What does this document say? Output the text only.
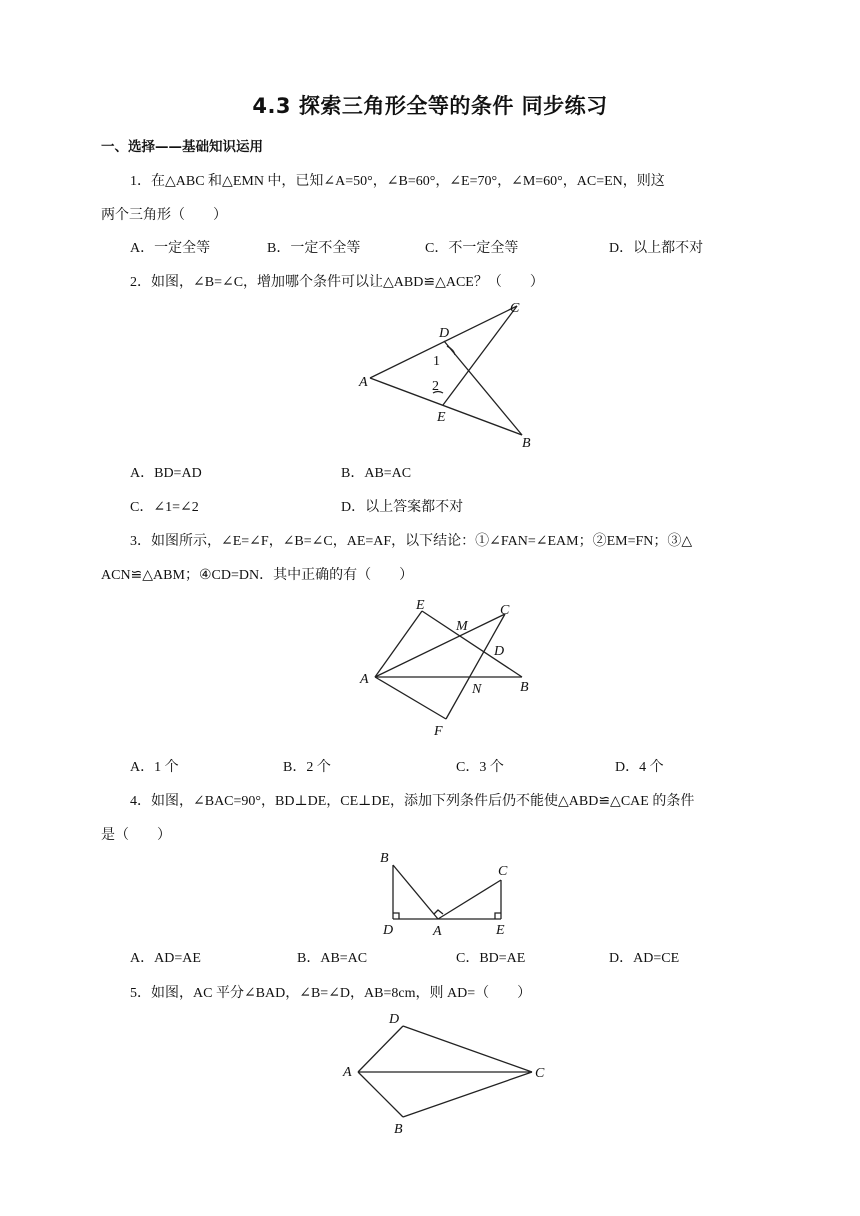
4.3 探索三角形全等的条件 同步练习
一、选择——基础知识运用
1．在△ABC 和△EMN 中，已知∠A=50°，∠B=60°，∠E=70°，∠M=60°，AC=EN，则这
两个三角形（　　）
A．一定全等	B．一定不全等	C．不一定全等	D．以上都不对
2．如图，∠B=∠C，增加哪个条件可以让△ABD≌△ACE？（　　）
C
D
1
A	2
E
B
A．BD=AD	B．AB=AC
C．∠1=∠2	D．以上答案都不对
3．如图所示，∠E=∠F，∠B=∠C，AE=AF，以下结论：①∠FAN=∠EAM；②EM=FN；③△
ACN≌△ABM；④CD=DN．其中正确的有（　　）
E
M
C
D
A
N	B
F
A．1 个	B．2 个	C．3 个	D．4 个
4．如图，∠BAC=90°，BD⊥DE，CE⊥DE，添加下列条件后仍不能使△ABD≌△CAE 的条件
是（　　）
B
C
D	A	E
A．AD=AE	B．AB=AC	C．BD=AE	D．AD=CE
5．如图，AC 平分∠BAD，∠B=∠D，AB=8cm，则 AD=（　　）
D
A	C
B
